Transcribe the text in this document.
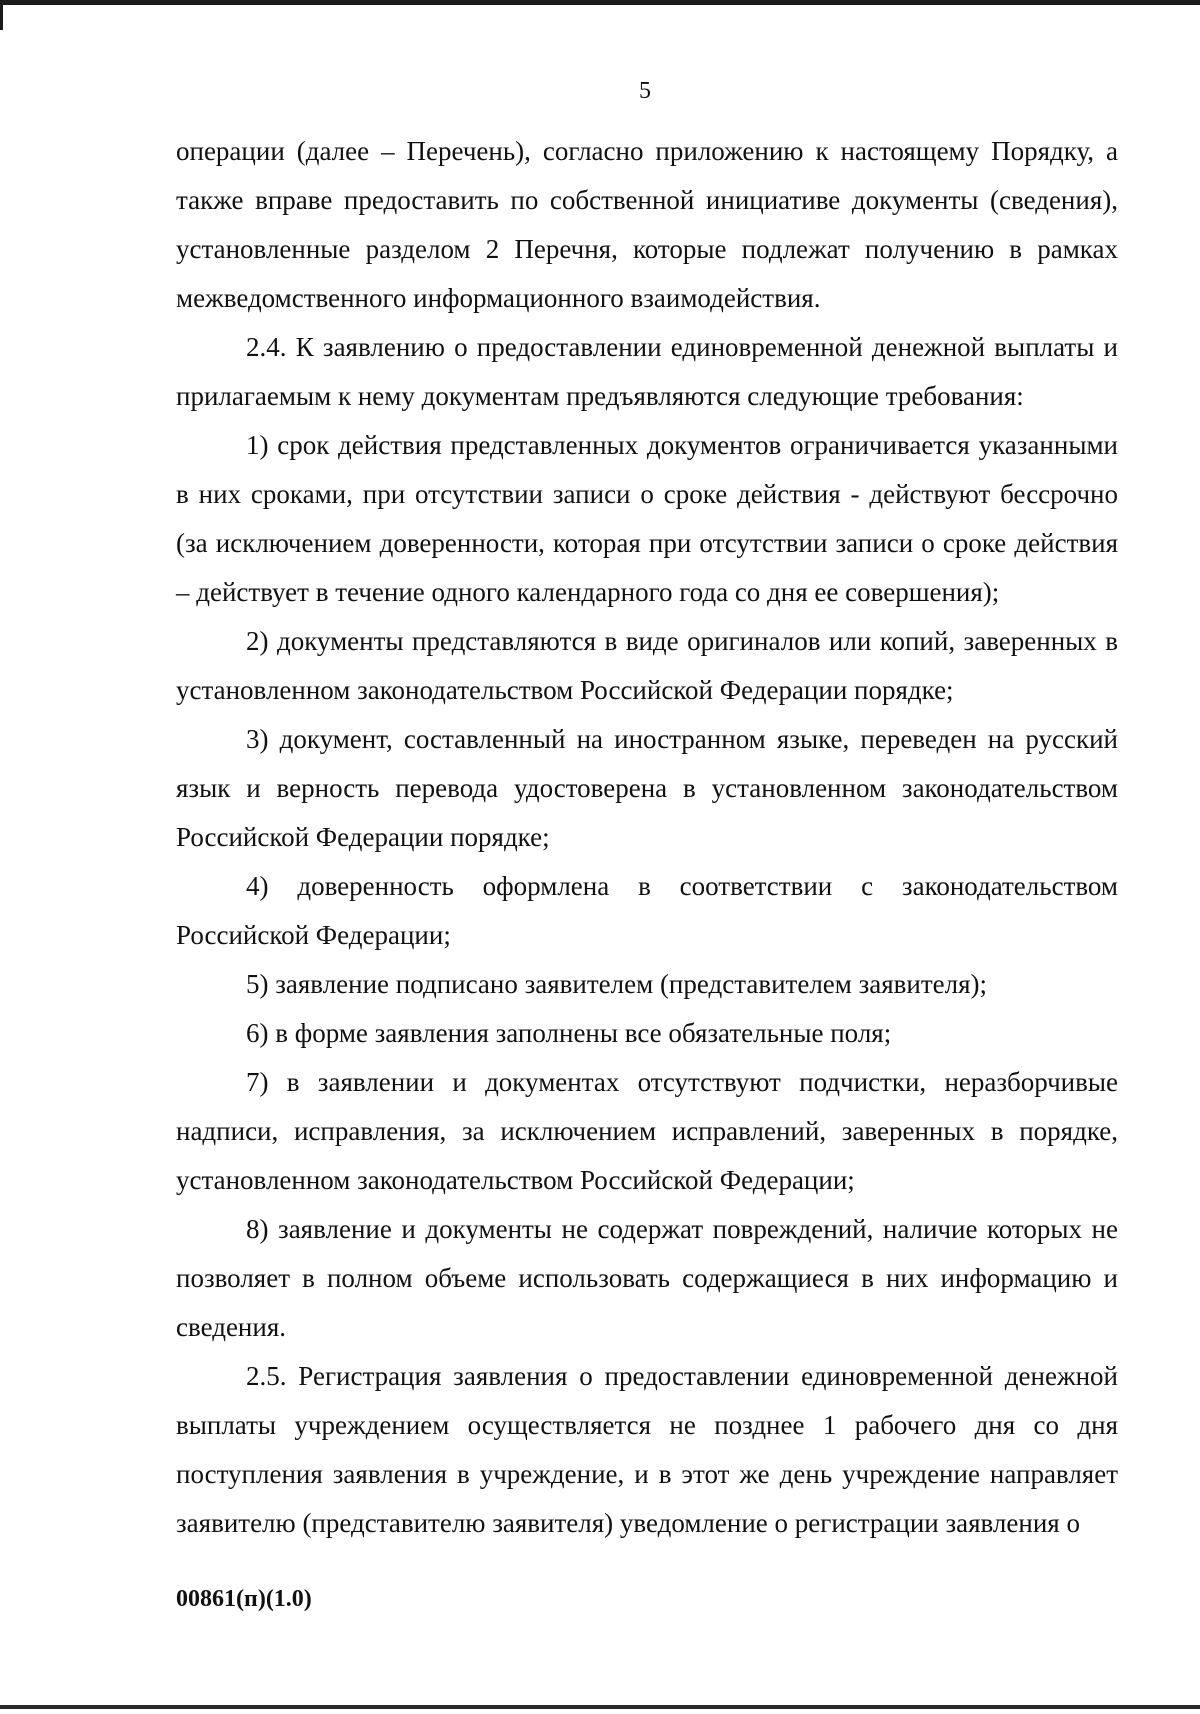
5

операции (далее – Перечень), согласно приложению к настоящему Порядку, а также вправе предоставить по собственной инициативе документы (сведения), установленные разделом 2 Перечня, которые подлежат получению в рамках межведомственного информационного взаимодействия.

2.4. К заявлению о предоставлении единовременной денежной выплаты и прилагаемым к нему документам предъявляются следующие требования:

1) срок действия представленных документов ограничивается указанными в них сроками, при отсутствии записи о сроке действия - действуют бессрочно (за исключением доверенности, которая при отсутствии записи о сроке действия – действует в течение одного календарного года со дня ее совершения);

2) документы представляются в виде оригиналов или копий, заверенных в установленном законодательством Российской Федерации порядке;

3) документ, составленный на иностранном языке, переведен на русский язык и верность перевода удостоверена в установленном законодательством Российской Федерации порядке;

4) доверенность оформлена в соответствии с законодательством Российской Федерации;

5) заявление подписано заявителем (представителем заявителя);

6) в форме заявления заполнены все обязательные поля;

7) в заявлении и документах отсутствуют подчистки, неразборчивые надписи, исправления, за исключением исправлений, заверенных в порядке, установленном законодательством Российской Федерации;

8) заявление и документы не содержат повреждений, наличие которых не позволяет в полном объеме использовать содержащиеся в них информацию и сведения.

2.5. Регистрация заявления о предоставлении единовременной денежной выплаты учреждением осуществляется не позднее 1 рабочего дня со дня поступления заявления в учреждение, и в этот же день учреждение направляет заявителю (представителю заявителя) уведомление о регистрации заявления о

00861(п)(1.0)
